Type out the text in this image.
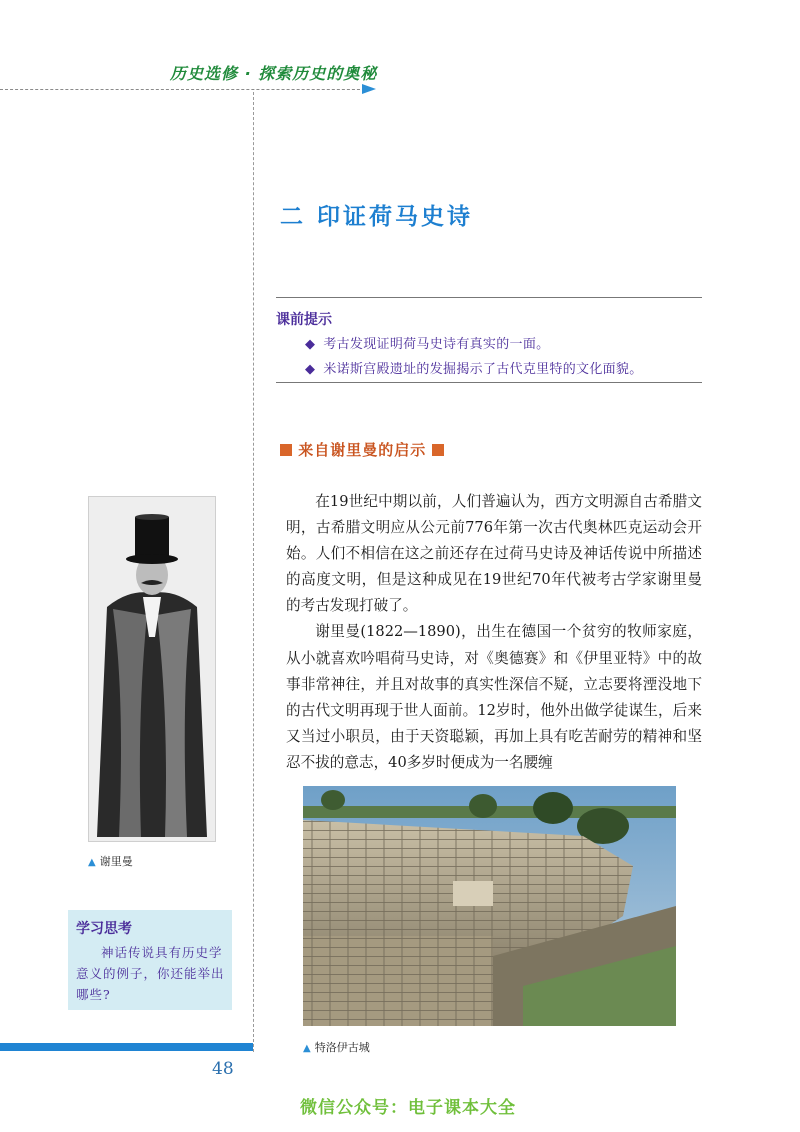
历史选修 · 探索历史的奥秘
二 印证荷马史诗
课前提示
◆ 考古发现证明荷马史诗有真实的一面。
◆ 米诺斯宫殿遗址的发掘揭示了古代克里特的文化面貌。
来自谢里曼的启示

在19世纪中期以前，人们普遍认为，西方文明源自古希腊文明，古希腊文明应从公元前776年第一次古代奥林匹克运动会开始。人们不相信在这之前还存在过荷马史诗及神话传说中所描述的高度文明，但是这种成见在19世纪70年代被考古学家谢里曼的考古发现打破了。

谢里曼(1822—1890)，出生在德国一个贫穷的牧师家庭，从小就喜欢吟唱荷马史诗，对《奥德赛》和《伊里亚特》中的故事非常神往，并且对故事的真实性深信不疑，立志要将湮没地下的古代文明再现于世人面前。12岁时，他外出做学徒谋生，后来又当过小职员，由于天资聪颖，再加上具有吃苦耐劳的精神和坚忍不拔的意志，40多岁时便成为一名腰缠

▲ 谢里曼
学习思考
神话传说具有历史学意义的例子，你还能举出哪些?
▲ 特洛伊古城
48
微信公众号：电子课本大全
